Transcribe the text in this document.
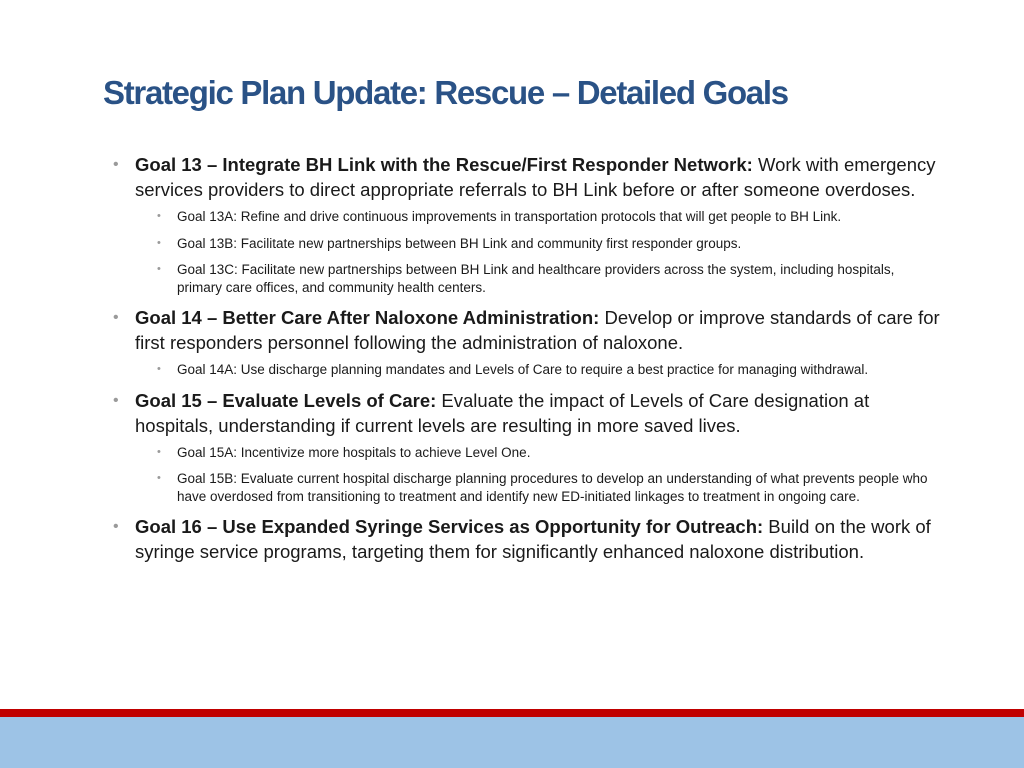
Strategic Plan Update: Rescue – Detailed Goals
• Goal 13 – Integrate BH Link with the Rescue/First Responder Network: Work with emergency services providers to direct appropriate referrals to BH Link before or after someone overdoses.
• Goal 13A: Refine and drive continuous improvements in transportation protocols that will get people to BH Link.
• Goal 13B: Facilitate new partnerships between BH Link and community first responder groups.
• Goal 13C: Facilitate new partnerships between BH Link and healthcare providers across the system, including hospitals, primary care offices, and community health centers.
• Goal 14 – Better Care After Naloxone Administration: Develop or improve standards of care for first responders personnel following the administration of naloxone.
• Goal 14A: Use discharge planning mandates and Levels of Care to require a best practice for managing withdrawal.
• Goal 15 – Evaluate Levels of Care: Evaluate the impact of Levels of Care designation at hospitals, understanding if current levels are resulting in more saved lives.
• Goal 15A: Incentivize more hospitals to achieve Level One.
• Goal 15B: Evaluate current hospital discharge planning procedures to develop an understanding of what prevents people who have overdosed from transitioning to treatment and identify new ED-initiated linkages to treatment in ongoing care.
• Goal 16 – Use Expanded Syringe Services as Opportunity for Outreach: Build on the work of syringe service programs, targeting them for significantly enhanced naloxone distribution.
